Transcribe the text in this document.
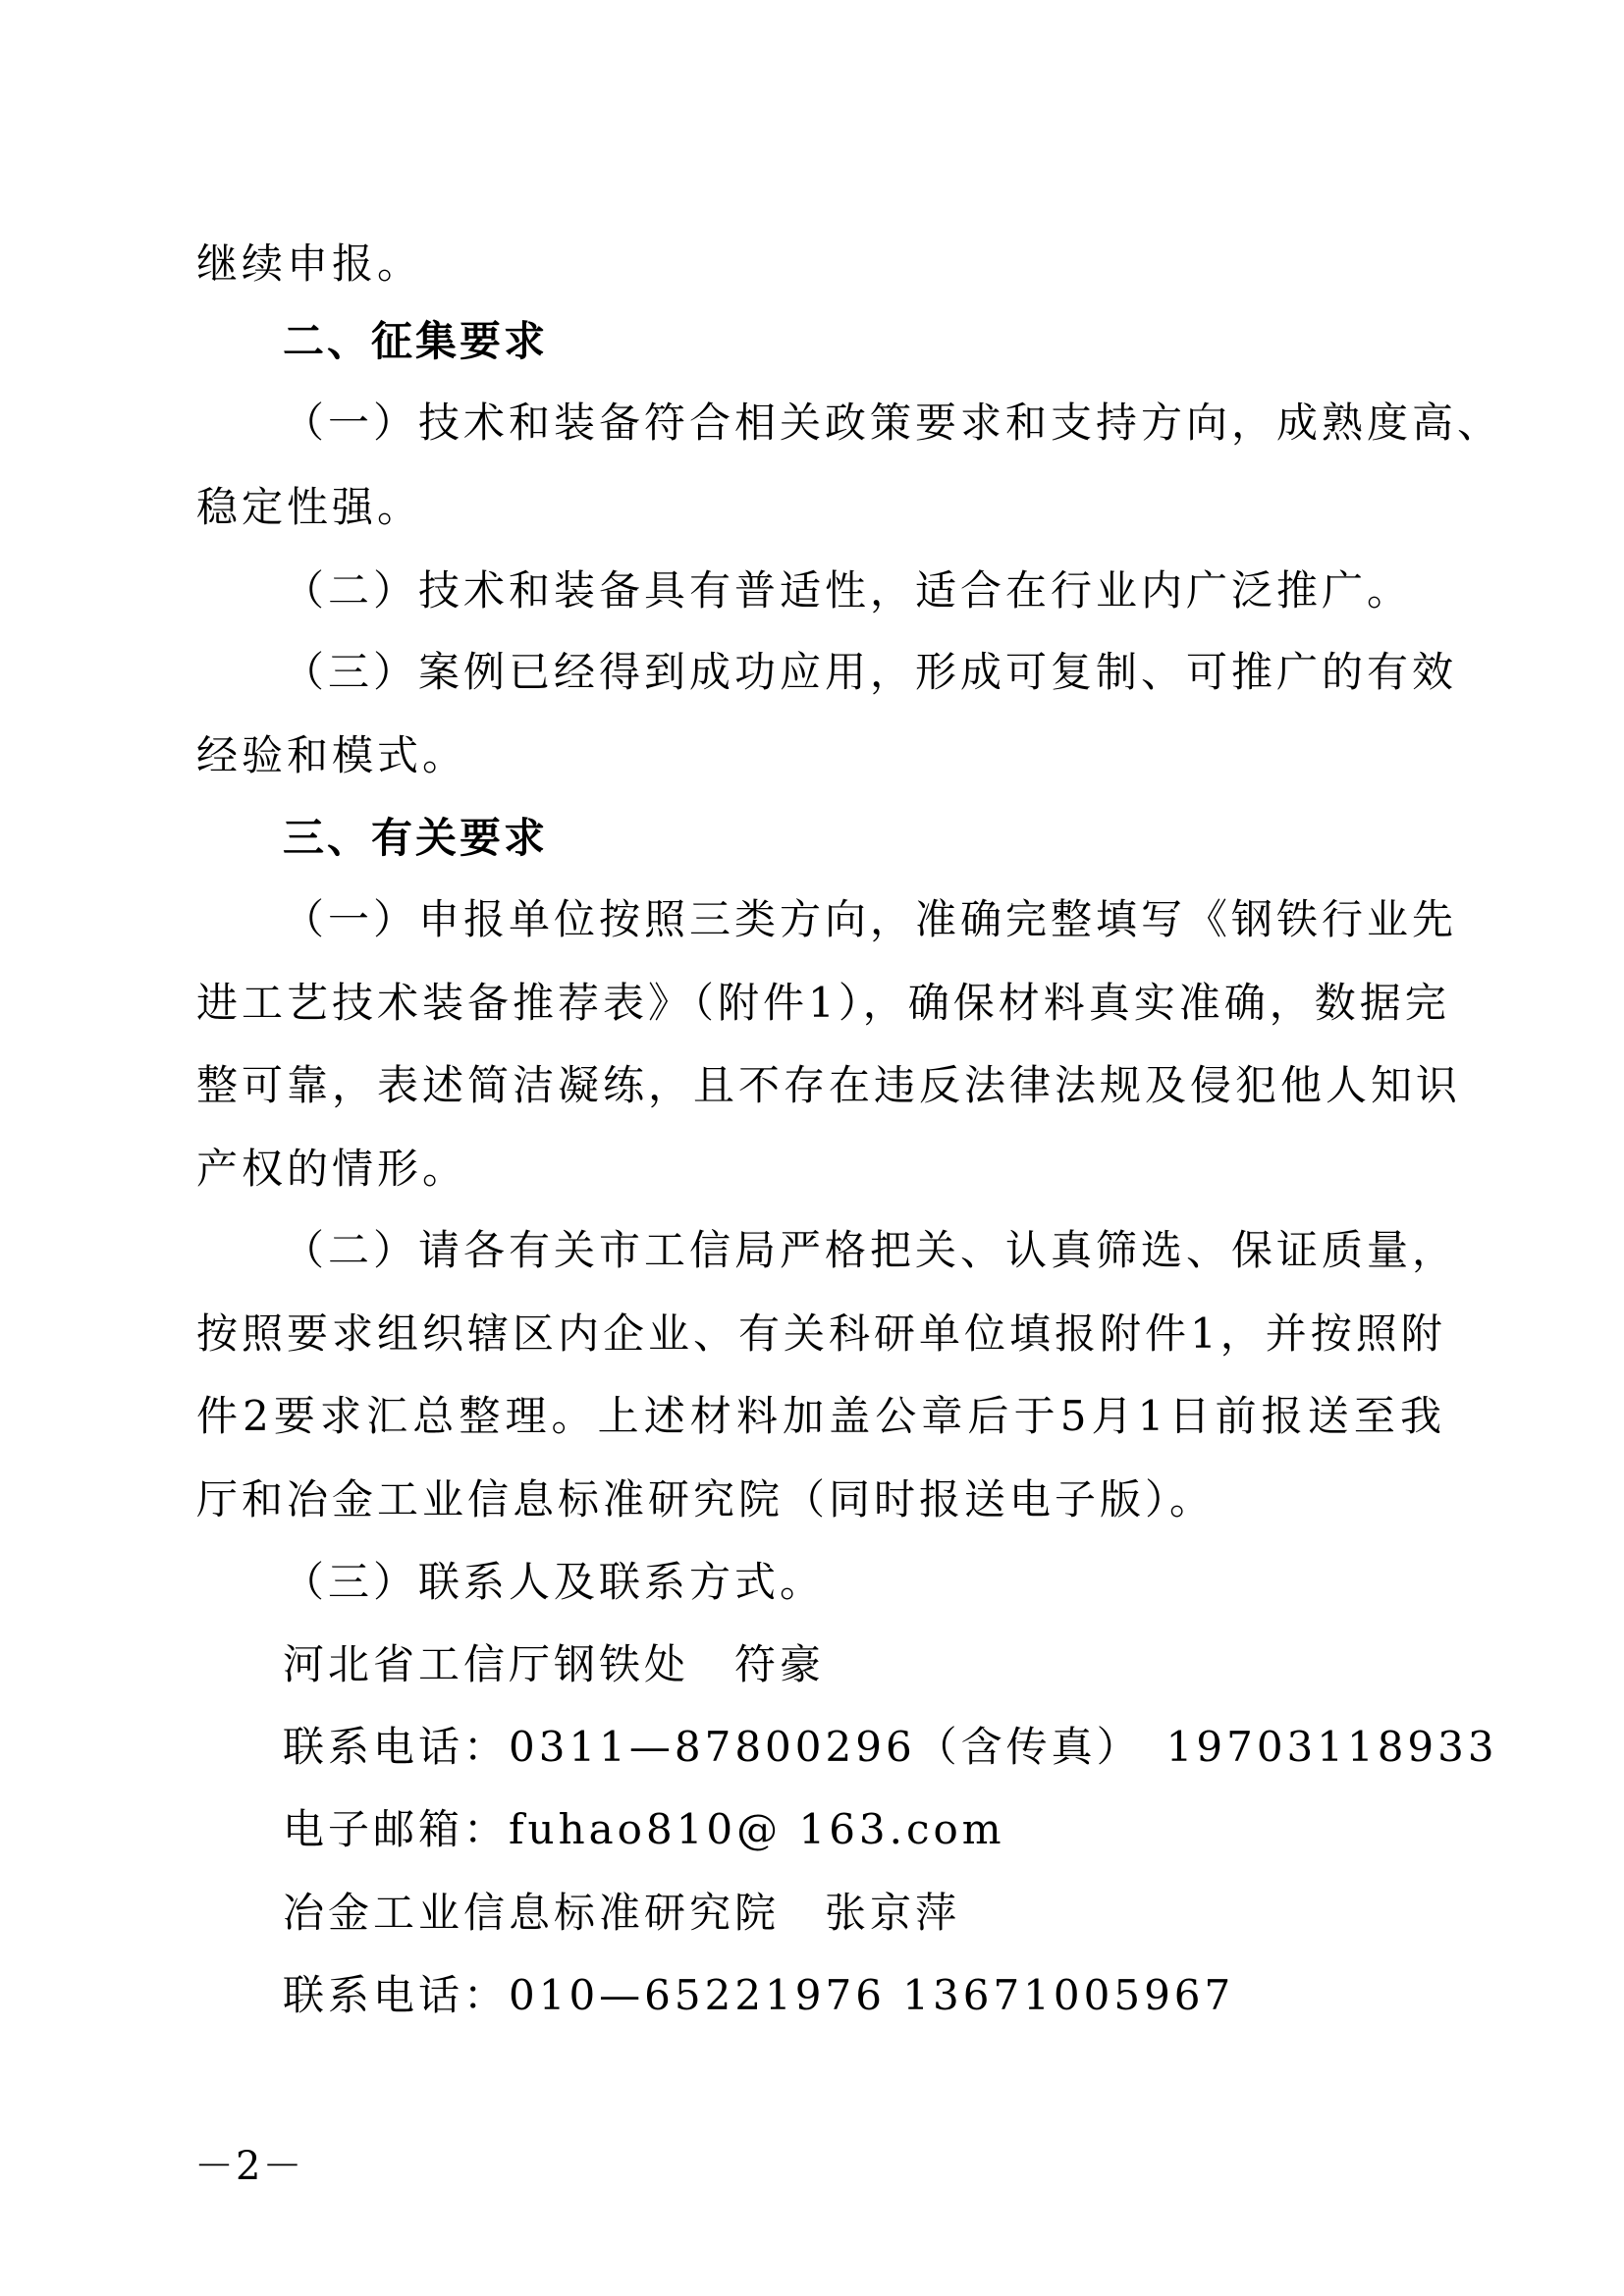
继续申报。
二、征集要求
（一）技术和装备符合相关政策要求和支持方向，成熟度高、
稳定性强。
（二）技术和装备具有普适性，适合在行业内广泛推广。
（三）案例已经得到成功应用，形成可复制、可推广的有效
经验和模式。
三、有关要求
（一）申报单位按照三类方向，准确完整填写《钢铁行业先
进工艺技术装备推荐表》（附件1），确保材料真实准确，数据完
整可靠，表述简洁凝练，且不存在违反法律法规及侵犯他人知识
产权的情形。
（二）请各有关市工信局严格把关、认真筛选、保证质量，
按照要求组织辖区内企业、有关科研单位填报附件1，并按照附
件2要求汇总整理。上述材料加盖公章后于5月1日前报送至我
厅和冶金工业信息标准研究院（同时报送电子版）。
（三）联系人及联系方式。
河北省工信厅钢铁处　符豪
联系电话：0311—87800296（含传真）　19703118933
电子邮箱：fuhao810@ 163.com
冶金工业信息标准研究院　张京萍
联系电话：010—65221976 13671005967
－2－
